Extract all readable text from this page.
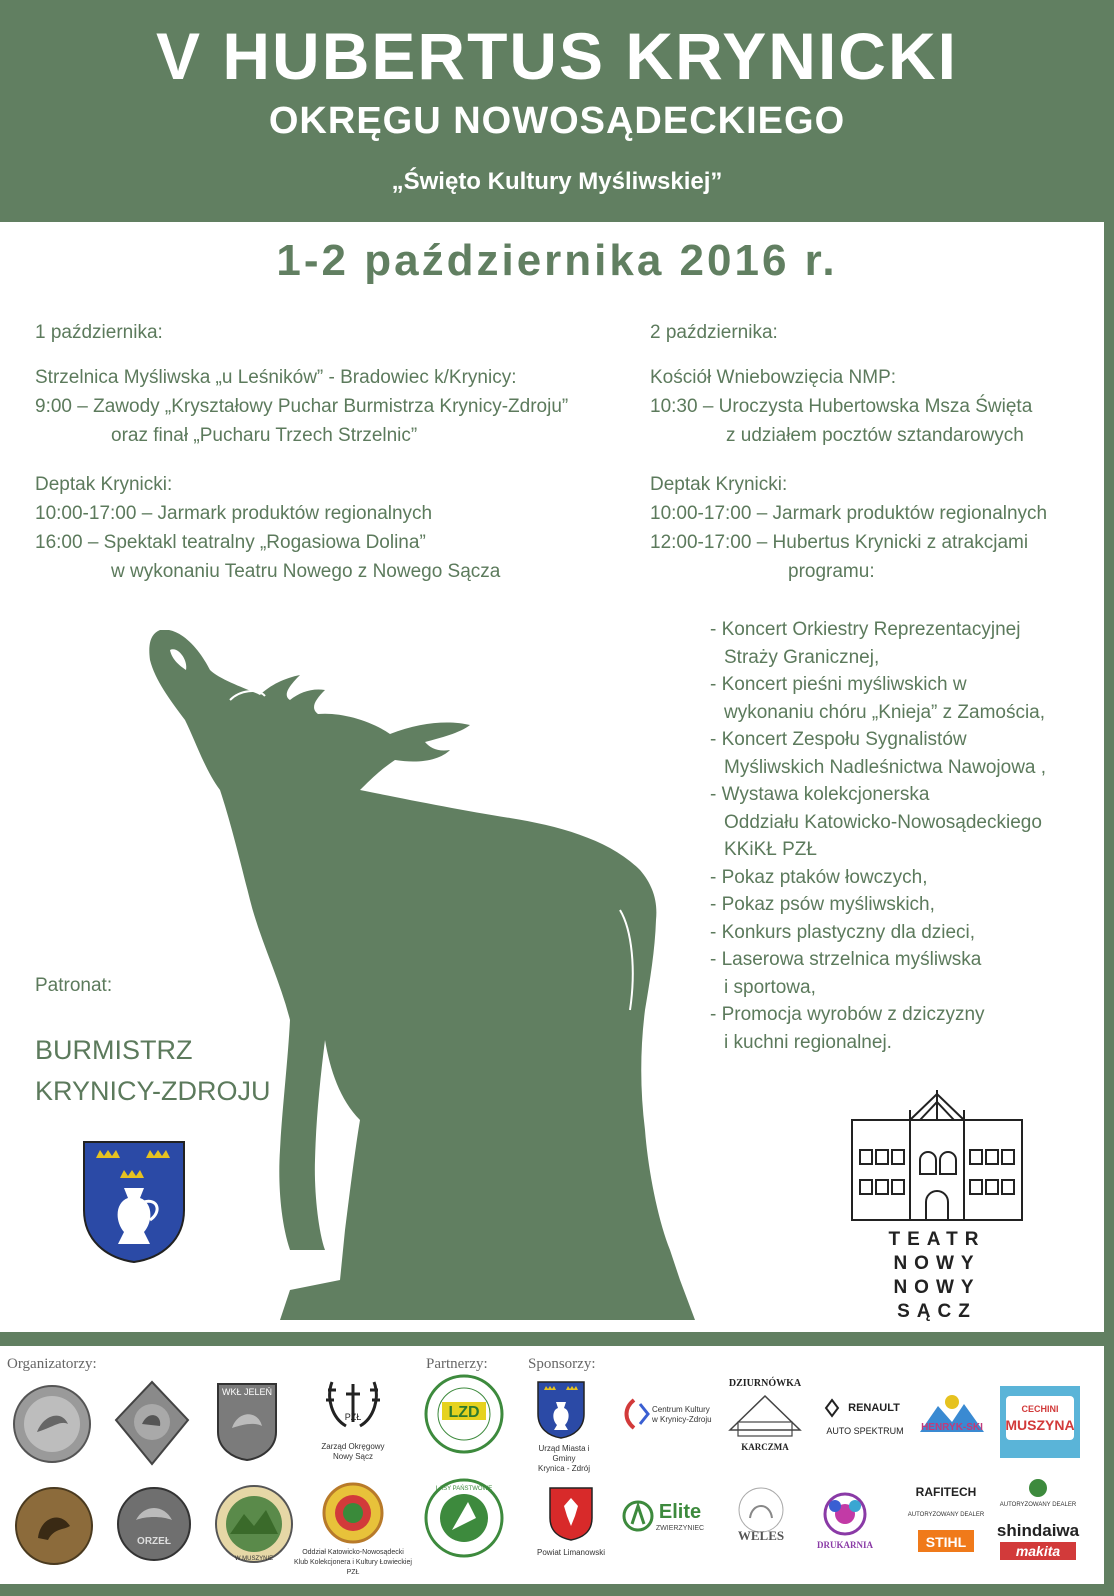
V HUBERTUS KRYNICKI
OKRĘGU NOWOSĄDECKIEGO
„Święto Kultury Myśliwskiej”
1-2 października 2016 r.
1 października:
Strzelnica Myśliwska „u Leśników” - Bradowiec k/Krynicy:
9:00 – Zawody „Kryształowy Puchar Burmistrza Krynicy-Zdroju”
oraz finał „Pucharu Trzech Strzelnic”
Deptak Krynicki:
10:00-17:00 – Jarmark produktów regionalnych
16:00 – Spektakl teatralny „Rogasiowa Dolina”
w wykonaniu Teatru Nowego z Nowego Sącza
2 października:
Kościół Wniebowzięcia NMP:
10:30 – Uroczysta Hubertowska Msza Święta
z udziałem pocztów sztandarowych
Deptak Krynicki:
10:00-17:00 – Jarmark produktów regionalnych
12:00-17:00 – Hubertus Krynicki z atrakcjami
programu:
- Koncert Orkiestry Reprezentacyjnej
Straży Granicznej,
- Koncert pieśni myśliwskich w
wykonaniu chóru „Knieja” z Zamościa,
- Koncert Zespołu Sygnalistów
Myśliwskich Nadleśnictwa Nawojowa ,
- Wystawa kolekcjonerska
Oddziału Katowicko-Nowosądeckiego
KKiKŁ PZŁ
- Pokaz ptaków łowczych,
- Pokaz psów myśliwskich,
- Konkurs plastyczny dla dzieci,
- Laserowa strzelnica myśliwska
i sportowa,
- Promocja wyrobów z dziczyzny
i kuchni regionalnej.
Patronat:
BURMISTRZ
KRYNICY-ZDROJU
TEATR NOWY
NOWY SĄCZ
Organizatorzy:	Partnerzy:	Sponsorzy:
WKŁ JELEŃ
PZŁ
Zarząd Okręgowy
Nowy Sącz
LZD
Urząd Miasta i Gminy
Krynica - Zdrój
Centrum Kultury
w Krynicy-Zdroju
DZIURNÓWKA
KARCZMA
RENAULT
AUTO SPEKTRUM HENRYK-SKI
CECHINI
MUSZYNA
ORZEŁ
W MUSZYNIE
Oddział Katowicko-Nowosądecki
Klub Kolekcjonera i Kultury Łowieckiej PZŁ
LASY PAŃSTWOWE
Powiat Limanowski
Elite
ZWIERZYNIEC	WELES
DRUKARNIA
RAFITECH
AUTORYZOWANY DEALER
STIHL
AUTORYZOWANY DEALER
shindaiwa
makita
